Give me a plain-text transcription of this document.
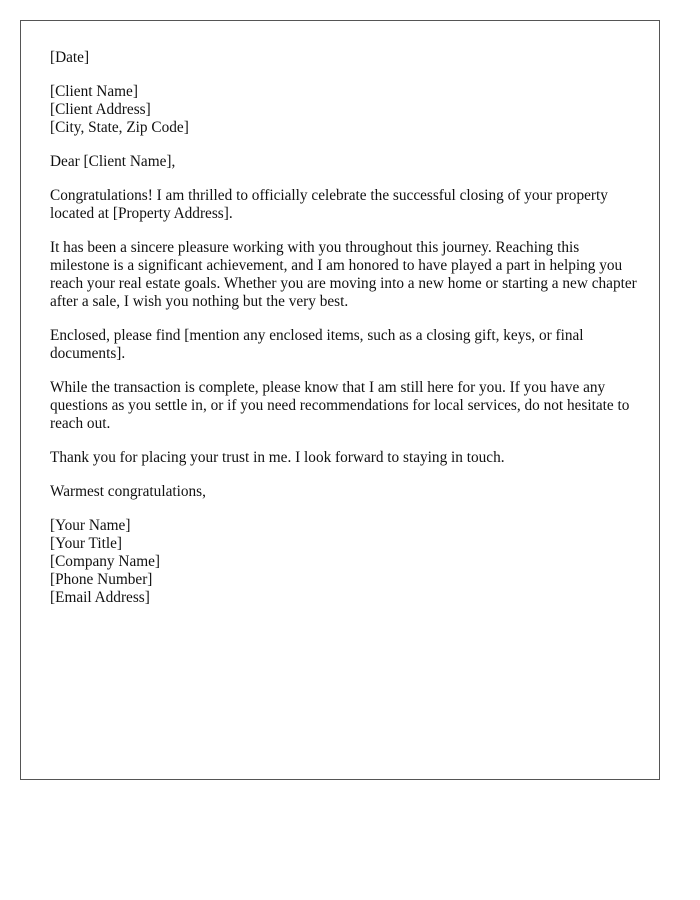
[Date]
[Client Name]
[Client Address]
[City, State, Zip Code]
Dear [Client Name],

Congratulations! I am thrilled to officially celebrate the successful closing of your property located at [Property Address].

It has been a sincere pleasure working with you throughout this journey. Reaching this milestone is a significant achievement, and I am honored to have played a part in helping you reach your real estate goals. Whether you are moving into a new home or starting a new chapter after a sale, I wish you nothing but the very best.

Enclosed, please find [mention any enclosed items, such as a closing gift, keys, or final documents].

While the transaction is complete, please know that I am still here for you. If you have any questions as you settle in, or if you need recommendations for local services, do not hesitate to reach out.

Thank you for placing your trust in me. I look forward to staying in touch.

Warmest congratulations,
[Your Name]
[Your Title]
[Company Name]
[Phone Number]
[Email Address]
